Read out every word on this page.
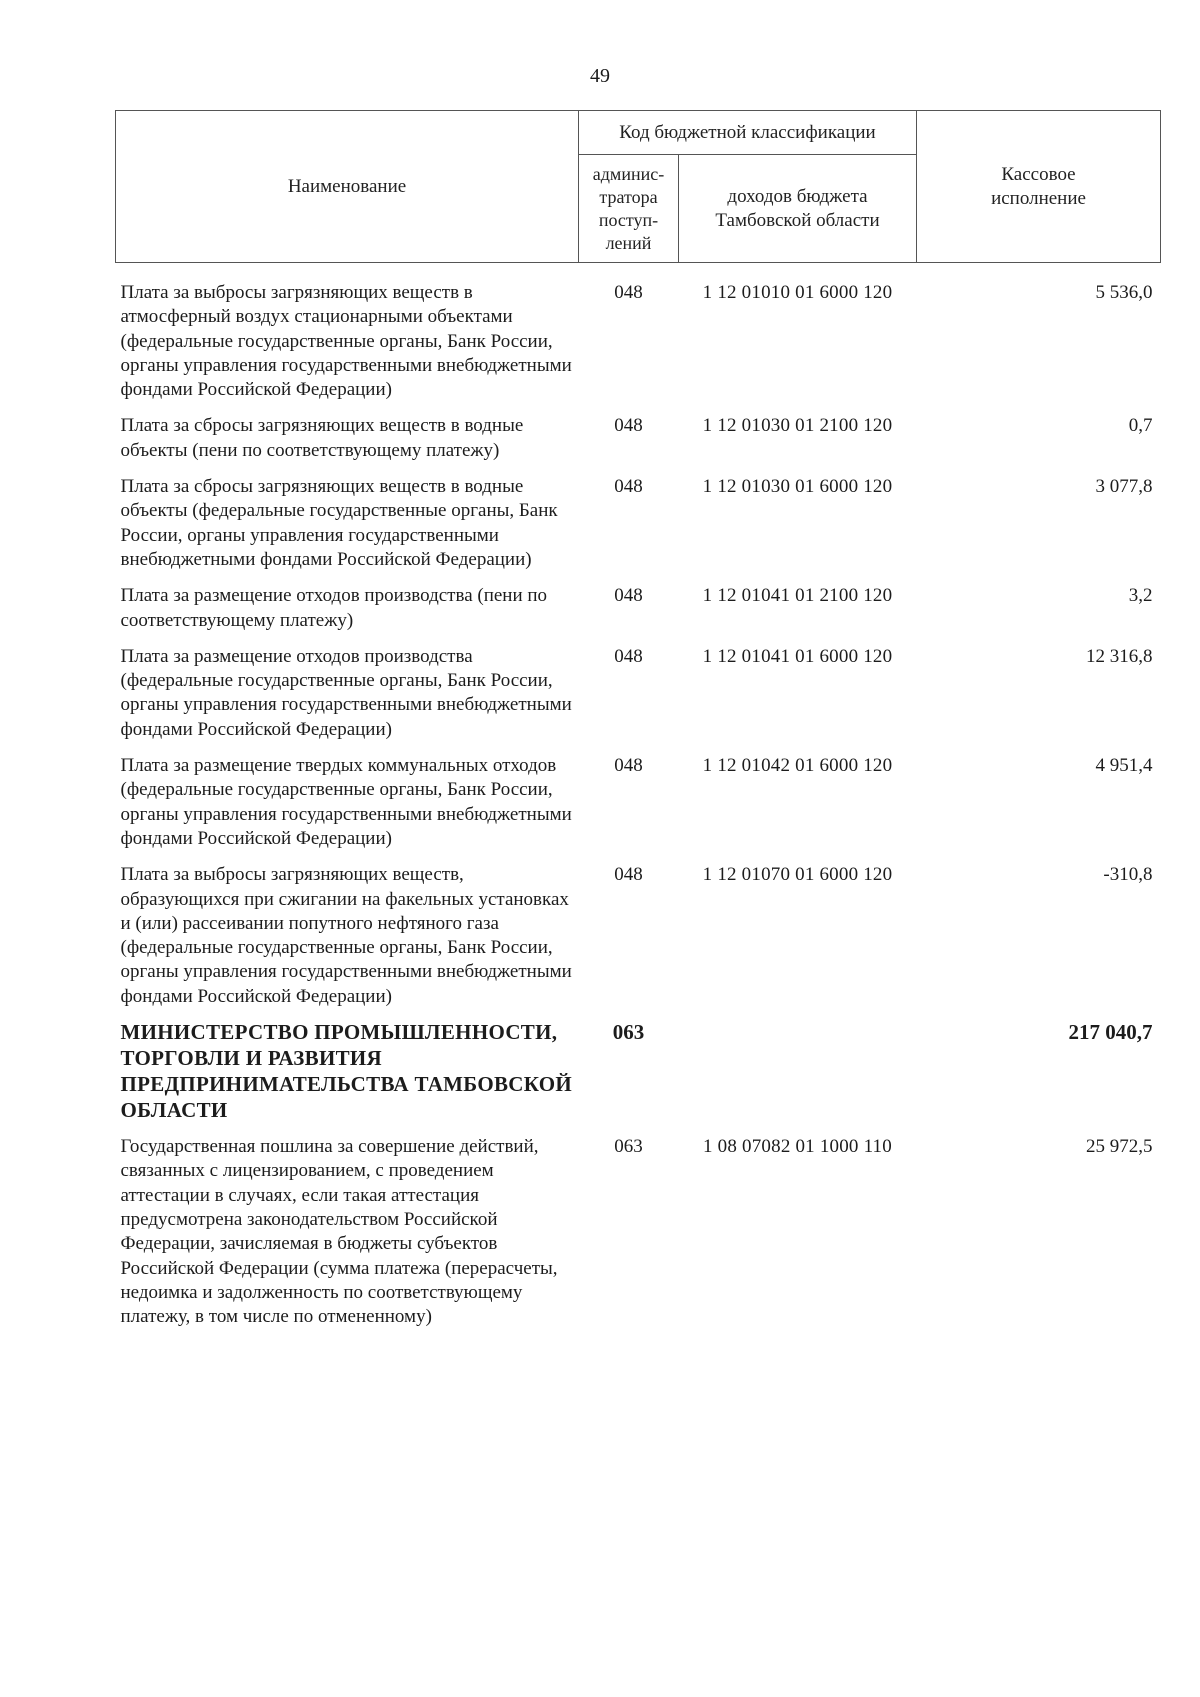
49
Наименование	Код бюджетной классификации		Кассовое
исполнение
	админис-
тратора
поступ-
лений	доходов бюджета
Тамбовской области	
Плата за выбросы загрязняющих веществ в атмосферный воздух стационарными объектами (федеральные государственные органы, Банк России, органы управления государственными внебюджетными фондами Российской Федерации)	048	1 12 01010 01 6000 120	5 536,0
Плата за сбросы загрязняющих веществ в водные объекты (пени по соответствующему платежу)	048	1 12 01030 01 2100 120	0,7
Плата за сбросы загрязняющих веществ в водные объекты (федеральные государственные органы, Банк России, органы управления государственными внебюджетными фондами Российской Федерации)	048	1 12 01030 01 6000 120	3 077,8
Плата за размещение отходов производства (пени по соответствующему платежу)	048	1 12 01041 01 2100 120	3,2
Плата за размещение отходов производства (федеральные государственные органы, Банк России, органы управления государственными внебюджетными фондами Российской Федерации)	048	1 12 01041 01 6000 120	12 316,8
Плата за размещение твердых коммунальных отходов (федеральные государственные органы, Банк России, органы управления государственными внебюджетными фондами Российской Федерации)	048	1 12 01042 01 6000 120	4 951,4
Плата за выбросы загрязняющих веществ, образующихся при сжигании на факельных установках и (или) рассеивании попутного нефтяного газа (федеральные государственные органы, Банк России, органы управления государственными внебюджетными фондами Российской Федерации)	048	1 12 01070 01 6000 120	-310,8
МИНИСТЕРСТВО ПРОМЫШЛЕННОСТИ, ТОРГОВЛИ И РАЗВИТИЯ ПРЕДПРИНИМАТЕЛЬСТВА ТАМБОВСКОЙ ОБЛАСТИ	063		217 040,7
Государственная пошлина за совершение действий, связанных с лицензированием, с проведением аттестации в случаях, если такая аттестация предусмотрена законодательством Российской Федерации, зачисляемая в бюджеты субъектов Российской Федерации (сумма платежа (перерасчеты, недоимка и задолженность по соответствующему платежу, в том числе по отмененному)	063	1 08 07082 01 1000 110	25 972,5
